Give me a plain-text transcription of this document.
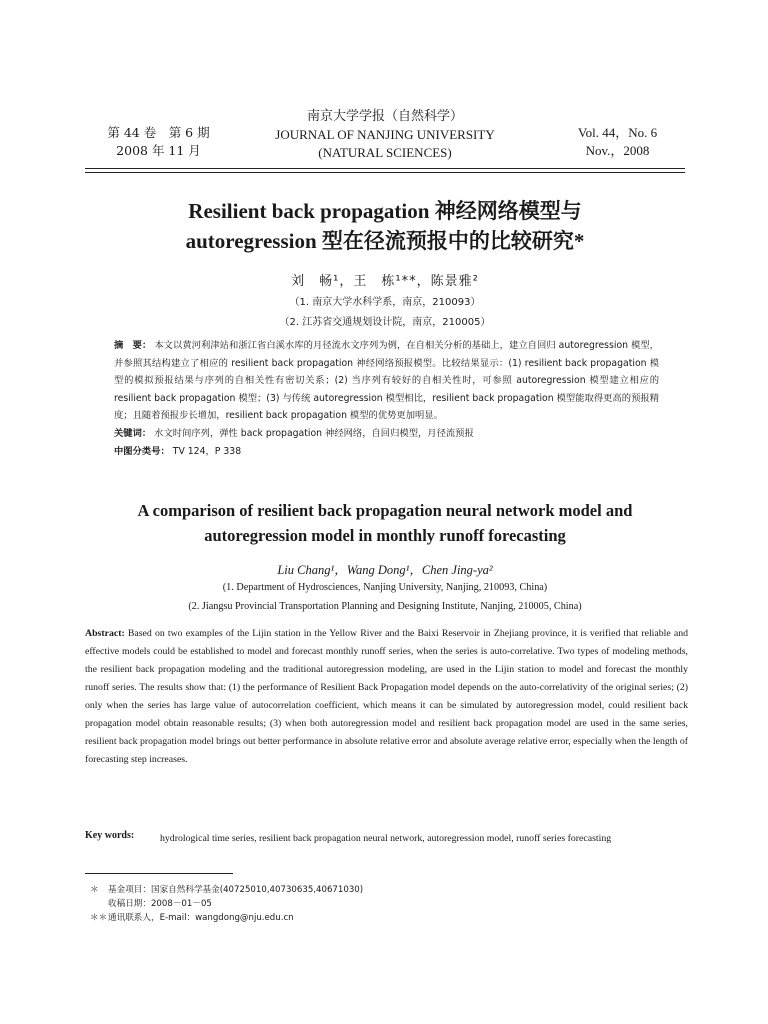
第 44 卷　第 6 期
2008 年 11 月
南京大学学报（自然科学）
JOURNAL OF NANJING UNIVERSITY
(NATURAL SCIENCES)
Vol. 44，No. 6
Nov.，2008
Resilient back propagation 神经网络模型与
autoregression 型在径流预报中的比较研究*
刘　畅¹，王　栋¹**，陈景雅²
（1. 南京大学水科学系，南京，210093）
（2. 江苏省交通规划设计院，南京，210005）
摘　要： 本文以黄河利津站和浙江省白溪水库的月径流水文序列为例，在自相关分析的基础上，建立自回归 autoregression 模型，并参照其结构建立了相应的 resilient back propagation 神经网络预报模型。比较结果显示：(1) resilient back propagation 模型的模拟预报结果与序列的自相关性有密切关系；(2) 当序列有较好的自相关性时，可参照 autoregression 模型建立相应的 resilient back propagation 模型；(3) 与传统 autoregression 模型相比，resilient back propagation 模型能取得更高的预报精度；且随着预报步长增加，resilient back propagation 模型的优势更加明显。
关键词： 水文时间序列，弹性 back propagation 神经网络，自回归模型，月径流预报
中图分类号： TV 124，P 338
A comparison of resilient back propagation neural network model and
autoregression model in monthly runoff forecasting
Liu Chang¹，Wang Dong¹，Chen Jing-ya²
(1. Department of Hydrosciences, Nanjing University, Nanjing, 210093, China)
(2. Jiangsu Provincial Transportation Planning and Designing Institute, Nanjing, 210005, China)
Abstract: Based on two examples of the Lijin station in the Yellow River and the Baixi Reservoir in Zhejiang province, it is verified that reliable and effective models could be established to model and forecast monthly runoff series, when the series is auto-correlative. Two types of modeling methods, the resilient back propagation modeling and the traditional autoregression modeling, are used in the Lijin station to model and forecast the monthly runoff series. The results show that: (1) the performance of Resilient Back Propagation model depends on the auto-correlativity of the original series; (2) only when the series has large value of autocorrelation coefficient, which means it can be simulated by autoregression model, could resilient back propagation model obtain reasonable results; (3) when both autoregression model and resilient back propagation model are used in the same series, resilient back propagation model brings out better performance in absolute relative error and absolute average relative error, especially when the length of forecasting step increases.
Key words:	hydrological time series, resilient back propagation neural network, autoregression model, runoff series forecasting
＊ 基金项目：国家自然科学基金(40725010,40730635,40671030)
收稿日期：2008－01－05
＊＊通讯联系人，E-mail：wangdong@nju.edu.cn
